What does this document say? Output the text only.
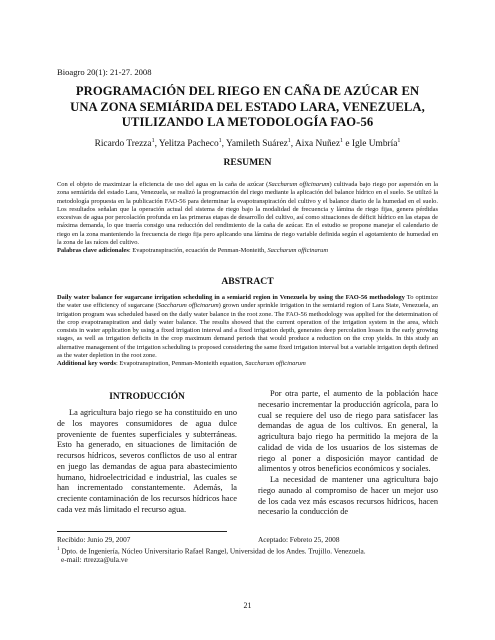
Bioagro 20(1): 21-27. 2008
PROGRAMACIÓN DEL RIEGO EN CAÑA DE AZÚCAR EN
UNA ZONA SEMIÁRIDA DEL ESTADO LARA, VENEZUELA,
UTILIZANDO LA METODOLOGÍA FAO-56
Ricardo Trezza$^1$, Yelitza Pacheco$^1$, Yamileth Suárez$^1$, Aixa Nuñez$^1$ e Igle Umbría$^1$
RESUMEN

Con el objeto de maximizar la eficiencia de uso del agua en la caña de azúcar (Saccharum officinarum) cultivada bajo riego por aspersión en la zona semiárida del estado Lara, Venezuela, se realizó la programación del riego mediante la aplicación del balance hídrico en el suelo. Se utilizó la metodología propuesta en la publicación FAO-56 para determinar la evapotranspiración del cultivo y el balance diario de la humedad en el suelo. Los resultados señalan que la operación actual del sistema de riego bajo la modalidad de frecuencia y lámina de riego fijas, genera pérdidas excesivas de agua por percolación profunda en las primeras etapas de desarrollo del cultivo, así como situaciones de déficit hídrico en las etapas de máxima demanda, lo que traería consigo una reducción del rendimiento de la caña de azúcar. En el estudio se propone manejar el calendario de riego en la zona manteniendo la frecuencia de riego fija pero aplicando una lámina de riego variable definida según el agotamiento de humedad en la zona de las raíces del cultivo.

Palabras clave adicionales: Evapotranspiración, ecuación de Penman-Monteith, Saccharum officinarum

ABSTRACT

Daily water balance for sugarcane irrigation scheduling in a semiarid region in Venezuela by using the FAO-56 methodology To optimize the water use efficiency of sugarcane (Saccharum officinarum) grown under sprinkle irrigation in the semiarid region of Lara State, Venezuela, an irrigation program was scheduled based on the daily water balance in the root zone. The FAO-56 methodology was applied for the determination of the crop evapotranspiration and daily water balance. The results showed that the current operation of the irrigation system in the area, which consists in water application by using a fixed irrigation interval and a fixed irrigation depth, generates deep percolation losses in the early growing stages, as well as irrigation deficits in the crop maximum demand periods that would produce a reduction on the crop yields. In this study an alternative management of the irrigation scheduling is proposed considering the same fixed irrigation interval but a variable irrigation depth defined as the water depletion in the root zone.

Additional key words: Evapotranspiration, Penman-Monteith equation, Saccharum officinarum

INTRODUCCIÓN

La agricultura bajo riego se ha constituido en uno de los mayores consumidores de agua dulce proveniente de fuentes superficiales y subterráneas. Esto ha generado, en situaciones de limitación de recursos hídricos, severos conflictos de uso al entrar en juego las demandas de agua para abastecimiento humano, hidroelectricidad e industrial, las cuales se han incrementado constantemente. Además, la creciente contaminación de los recursos hídricos hace cada vez más limitado el recurso agua.

Por otra parte, el aumento de la población hace necesario incrementar la producción agrícola, para lo cual se requiere del uso de riego para satisfacer las demandas de agua de los cultivos. En general, la agricultura bajo riego ha permitido la mejora de la calidad de vida de los usuarios de los sistemas de riego al poner a disposición mayor cantidad de alimentos y otros beneficios económicos y sociales.

La necesidad de mantener una agricultura bajo riego aunado al compromiso de hacer un mejor uso de los cada vez más escasos recursos hídricos, hacen necesario la conducción de

Recibido: Junio 29, 2007	Aceptado: Febreto 25, 2008
$^1$ Dpto. de Ingeniería, Núcleo Universitario Rafael Rangel, Universidad de los Andes. Trujillo. Venezuela.
e-mail: rtrezza@ula.ve
21
